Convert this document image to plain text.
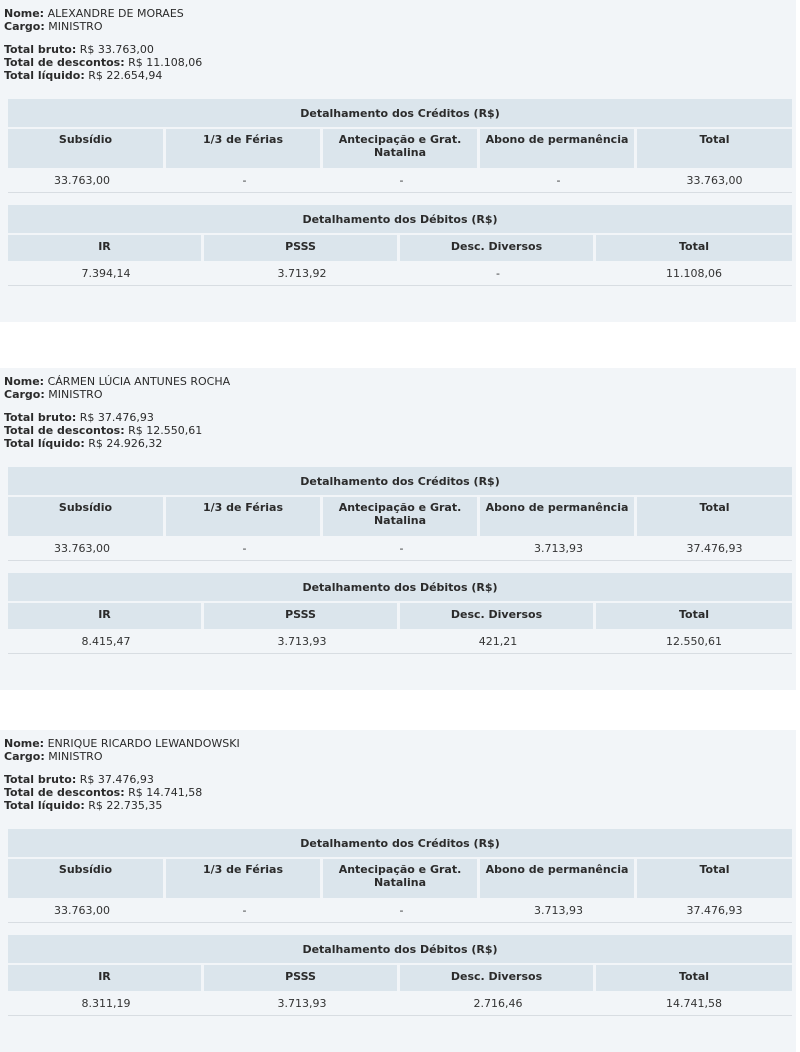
Nome: ALEXANDRE DE MORAES
Cargo: MINISTRO
Total bruto: R$ 33.763,00
Total de descontos: R$ 11.108,06
Total líquido: R$ 22.654,94
Detalhamento dos Créditos (R$)				
Subsídio	1/3 de Férias	Antecipação e Grat. Natalina	Abono de permanência	Total
33.763,00	-	-	-	33.763,00
Detalhamento dos Débitos (R$)			
IR	PSSS	Desc. Diversos	Total
7.394,14	3.713,92	-	11.108,06
Nome: CÁRMEN LÚCIA ANTUNES ROCHA
Cargo: MINISTRO
Total bruto: R$ 37.476,93
Total de descontos: R$ 12.550,61
Total líquido: R$ 24.926,32
Detalhamento dos Créditos (R$)				
Subsídio	1/3 de Férias	Antecipação e Grat. Natalina	Abono de permanência	Total
33.763,00	-	-	3.713,93	37.476,93
Detalhamento dos Débitos (R$)			
IR	PSSS	Desc. Diversos	Total
8.415,47	3.713,93	421,21	12.550,61
Nome: ENRIQUE RICARDO LEWANDOWSKI
Cargo: MINISTRO
Total bruto: R$ 37.476,93
Total de descontos: R$ 14.741,58
Total líquido: R$ 22.735,35
Detalhamento dos Créditos (R$)				
Subsídio	1/3 de Férias	Antecipação e Grat. Natalina	Abono de permanência	Total
33.763,00	-	-	3.713,93	37.476,93
Detalhamento dos Débitos (R$)			
IR	PSSS	Desc. Diversos	Total
8.311,19	3.713,93	2.716,46	14.741,58
